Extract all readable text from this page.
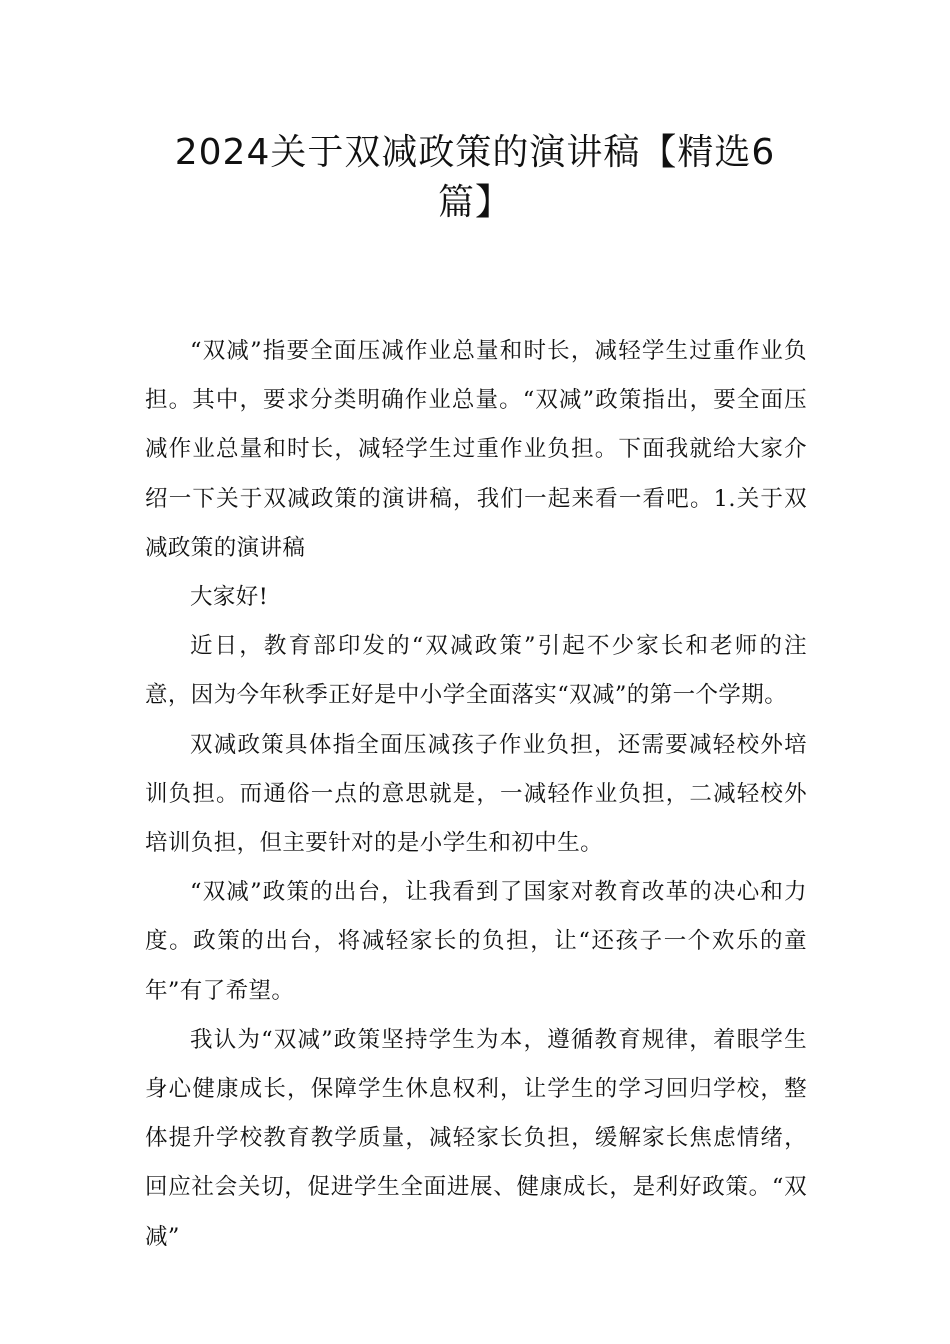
2024关于双减政策的演讲稿【精选6篇】

“双减”指要全面压减作业总量和时长，减轻学生过重作业负担。其中，要求分类明确作业总量。“双减”政策指出，要全面压减作业总量和时长，减轻学生过重作业负担。下面我就给大家介绍一下关于双减政策的演讲稿，我们一起来看一看吧。1.关于双减政策的演讲稿

大家好!

近日，教育部印发的“双减政策”引起不少家长和老师的注意，因为今年秋季正好是中小学全面落实“双减”的第一个学期。

双减政策具体指全面压减孩子作业负担，还需要减轻校外培训负担。而通俗一点的意思就是，一减轻作业负担，二减轻校外培训负担，但主要针对的是小学生和初中生。

“双减”政策的出台，让我看到了国家对教育改革的决心和力度。政策的出台，将减轻家长的负担，让“还孩子一个欢乐的童年”有了希望。

我认为“双减”政策坚持学生为本，遵循教育规律，着眼学生身心健康成长，保障学生休息权利，让学生的学习回归学校，整体提升学校教育教学质量，减轻家长负担，缓解家长焦虑情绪，回应社会关切，促进学生全面进展、健康成长，是利好政策。“双减”
